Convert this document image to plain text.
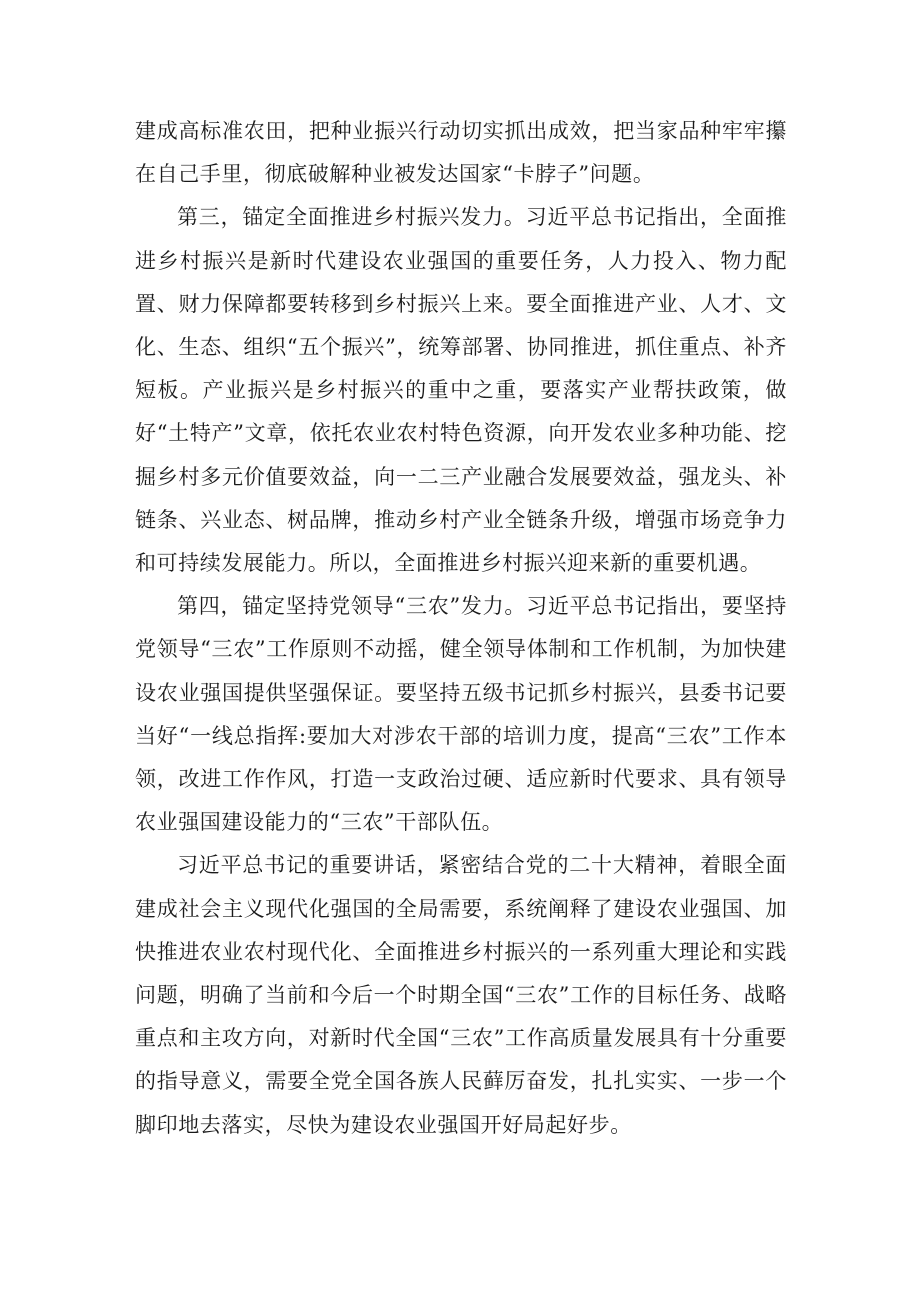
建成高标准农田，把种业振兴行动切实抓出成效，把当家品种牢牢攥在自己手里，彻底破解种业被发达国家“卡脖子”问题。

第三，锚定全面推进乡村振兴发力。习近平总书记指出，全面推进乡村振兴是新时代建设农业强国的重要任务，人力投入、物力配置、财力保障都要转移到乡村振兴上来。要全面推进产业、人才、文化、生态、组织“五个振兴”，统筹部署、协同推进，抓住重点、补齐短板。产业振兴是乡村振兴的重中之重，要落实产业帮扶政策，做好“土特产”文章，依托农业农村特色资源，向开发农业多种功能、挖掘乡村多元价值要效益，向一二三产业融合发展要效益，强龙头、补链条、兴业态、树品牌，推动乡村产业全链条升级，增强市场竞争力和可持续发展能力。所以，全面推进乡村振兴迎来新的重要机遇。

第四，锚定坚持党领导“三农”发力。习近平总书记指出，要坚持党领导“三农”工作原则不动摇，健全领导体制和工作机制，为加快建设农业强国提供坚强保证。要坚持五级书记抓乡村振兴，县委书记要当好“一线总指挥:要加大对涉农干部的培训力度，提高“三农”工作本领，改进工作作风，打造一支政治过硬、适应新时代要求、具有领导农业强国建设能力的“三农”干部队伍。

习近平总书记的重要讲话，紧密结合党的二十大精神，着眼全面建成社会主义现代化强国的全局需要，系统阐释了建设农业强国、加快推进农业农村现代化、全面推进乡村振兴的一系列重大理论和实践问题，明确了当前和今后一个时期全国“三农”工作的目标任务、战略重点和主攻方向，对新时代全国“三农”工作高质量发展具有十分重要的指导意义，需要全党全国各族人民藓厉奋发，扎扎实实、一步一个脚印地去落实，尽快为建设农业强国开好局起好步。
